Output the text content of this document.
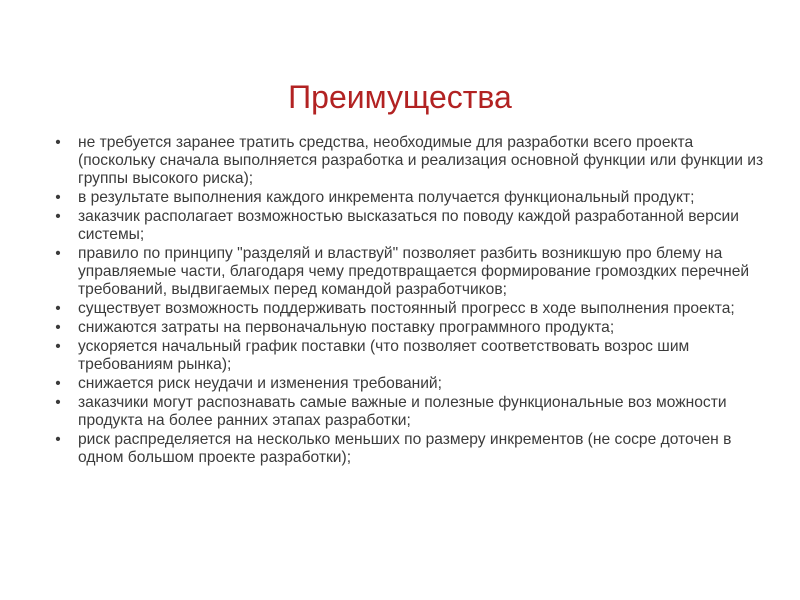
Преимущества
• не требуется заранее тратить средства, необходимые для разработки всего проекта (поскольку сначала выполняется разработка и реализация основной функции или функции из группы высокого риска);
• в результате выполнения каждого инкремента получается функциональный продукт;
• заказчик располагает возможностью высказаться по поводу каждой разработанной версии системы;
• правило по принципу "разделяй и властвуй" позволяет разбить возникшую про блему на управляемые части, благодаря чему предотвращается формирование громоздких перечней требований, выдвигаемых перед командой разработчиков;
• существует возможность поддерживать постоянный прогресс в ходе выполнения проекта;
• снижаются затраты на первоначальную поставку программного продукта;
• ускоряется начальный график поставки (что позволяет соответствовать возрос шим требованиям рынка);
• снижается риск неудачи и изменения требований;
• заказчики могут распознавать самые важные и полезные функциональные воз можности продукта на более ранних этапах разработки;
• риск распределяется на несколько меньших по размеру инкрементов (не сосре доточен в одном большом проекте разработки);
